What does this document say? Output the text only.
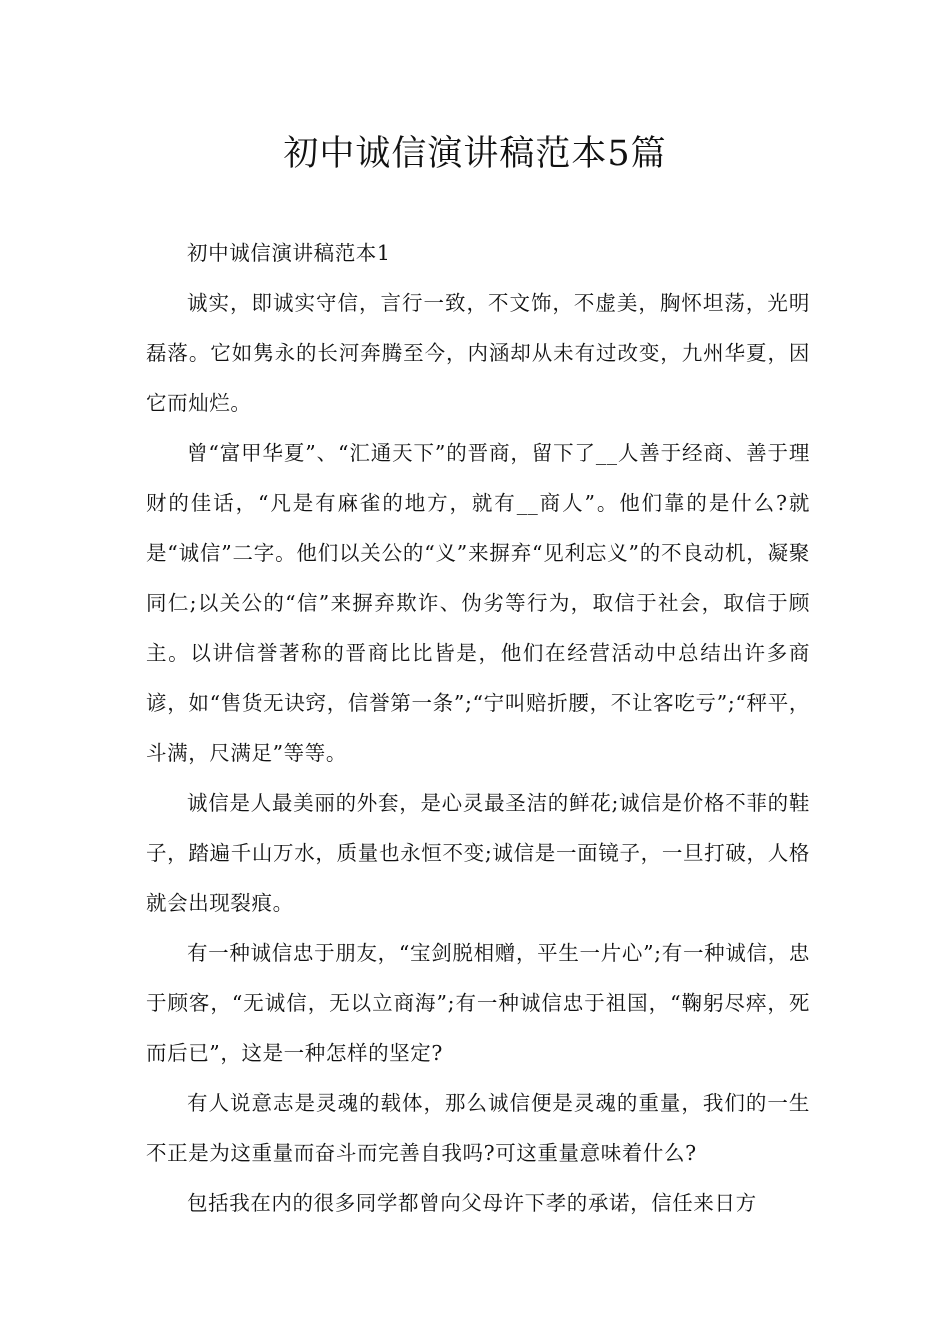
初中诚信演讲稿范本5篇

初中诚信演讲稿范本1

诚实，即诚实守信，言行一致，不文饰，不虚美，胸怀坦荡，光明磊落。它如隽永的长河奔腾至今，内涵却从未有过改变，九州华夏，因它而灿烂。

曾“富甲华夏”、“汇通天下”的晋商，留下了__人善于经商、善于理财的佳话，“凡是有麻雀的地方，就有__商人”。他们靠的是什么?就是“诚信”二字。他们以关公的“义”来摒弃“见利忘义”的不良动机，凝聚同仁;以关公的“信”来摒弃欺诈、伪劣等行为，取信于社会，取信于顾主。以讲信誉著称的晋商比比皆是，他们在经营活动中总结出许多商谚，如“售货无诀窍，信誉第一条”;“宁叫赔折腰，不让客吃亏”;“秤平，斗满，尺满足”等等。

诚信是人最美丽的外套，是心灵最圣洁的鲜花;诚信是价格不菲的鞋子，踏遍千山万水，质量也永恒不变;诚信是一面镜子，一旦打破，人格就会出现裂痕。

有一种诚信忠于朋友，“宝剑脱相赠，平生一片心”;有一种诚信，忠于顾客，“无诚信，无以立商海”;有一种诚信忠于祖国，“鞠躬尽瘁，死而后已”，这是一种怎样的坚定?

有人说意志是灵魂的载体，那么诚信便是灵魂的重量，我们的一生不正是为这重量而奋斗而完善自我吗?可这重量意味着什么?

包括我在内的很多同学都曾向父母许下孝的承诺，信任来日方
